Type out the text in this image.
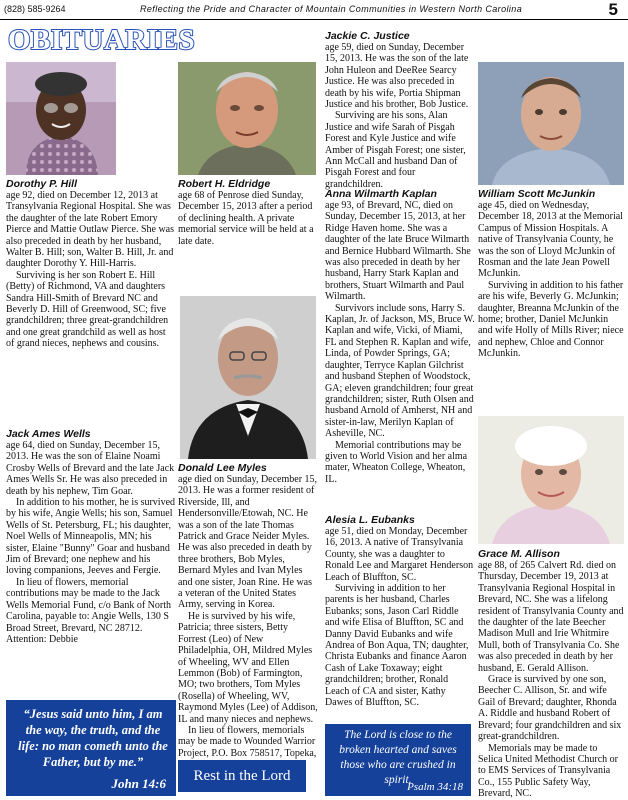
(828) 585-9264	Reflecting the Pride and Character of Mountain Communities in Western North Carolina	5
OBITUARIES
Dorothy P. Hill

age 92, died on December 12, 2013 at Transylvania Regional Hospital. She was the daughter of the late Robert Emory Pierce and Mattie Outlaw Pierce. She was also preceded in death by her husband, Walter B. Hill; son, Walter B. Hill, Jr. and daughter Dorothy Y. Hill-Harris.

Surviving is her son Robert E. Hill (Betty) of Richmond, VA and daughters Sandra Hill-Smith of Brevard NC and Beverly D. Hill of Greenwood, SC; five grandchildren; three great-grandchildren and one great grandchild as well as host of grand nieces, nephews and cousins.

Jack Ames Wells

age 64, died on Sunday, December 15, 2013. He was the son of Elaine Noami Crosby Wells of Brevard and the late Jack Ames Wells Sr. He was also preceded in death by his nephew, Tim Goar.

In addition to his mother, he is survived by his wife, Angie Wells; his son, Samuel Wells of St. Petersburg, FL; his daughter, Noel Wells of Minneapolis, MN; his sister, Elaine "Bunny" Goar and husband Jim of Brevard; one nephew and his loving companions, Jeeves and Fergie.

In lieu of flowers, memorial contributions may be made to the Jack Wells Memorial Fund, c/o Bank of North Carolina, payable to: Angie Wells, 130 S Broad Street, Brevard, NC 28712. Attention: Debbie

Robert H. Eldridge

age 68 of Penrose died Sunday, December 15, 2013 after a period of declining health. A private memorial service will be held at a late date.

Donald Lee Myles

age died on Sunday, December 15, 2013. He was a former resident of Riverside, Ill, and Hendersonville/Etowah, NC. He was a son of the late Thomas Patrick and Grace Neider Myles. He was also preceded in death by three brothers, Bob Myles, Bernard Myles and Ivan Myles and one sister, Joan Rine. He was a veteran of the United States Army, serving in Korea.

He is survived by his wife, Patricia; three sisters, Betty Forrest (Leo) of New Philadelphia, OH, Mildred Myles of Wheeling, WV and Ellen Lemmon (Bob) of Farmington, MO; two brothers, Tom Myles (Rosella) of Wheeling, WV, Raymond Myles (Lee) of Addison, IL and many nieces and nephews.

In lieu of flowers, memorials may be made to Wounded Warrior Project, P.O. Box 758517, Topeka,

Jackie C. Justice

age 59, died on Sunday, December 15, 2013. He was the son of the late John Huleon and DeeRee Searcy Justice. He was also preceded in death by his wife, Portia Shipman Justice and his brother, Bob Justice.

Surviving are his sons, Alan Justice and wife Sarah of Pisgah Forest and Kyle Justice and wife Amber of Pisgah Forest; one sister, Ann McCall and husband Dan of Pisgah Forest and four grandchildren.

Anna Wilmarth Kaplan

age 93, of Brevard, NC, died on Sunday, December 15, 2013, at her Ridge Haven home. She was a daughter of the late Bruce Wilmarth and Bernice Hubbard Wilmarth. She was also preceded in death by her husband, Harry Stark Kaplan and brothers, Stuart Wilmarth and Paul Wilmarth.

Survivors include sons, Harry S. Kaplan, Jr. of Jackson, MS, Bruce W. Kaplan and wife, Vicki, of Miami, FL and Stephen R. Kaplan and wife, Linda, of Powder Springs, GA; daughter, Terryce Kaplan Gilchrist and husband Stephen of Woodstock, GA; eleven grandchildren; four great grandchildren; sister, Ruth Olsen and husband Arnold of Amherst, NH and sister-in-law, Merilyn Kaplan of Asheville, NC.

Memorial contributions may be given to World Vision and her alma mater, Wheaton College, Wheaton, IL.

Alesia L. Eubanks

age 51, died on Monday, December 16, 2013. A native of Transylvania County, she was a daughter to Ronald Lee and Margaret Henderson Leach of Bluffton, SC.

Surviving in addition to her parents is her husband, Charles Eubanks; sons, Jason Carl Riddle and wife Elisa of Bluffton, SC and Danny David Eubanks and wife Andrea of Bon Aqua, TN; daughter, Christa Eubanks and finance Aaron Cash of Lake Toxaway; eight grandchildren; brother, Ronald Leach of CA and sister, Kathy Dawes of Bluffton, SC.

William Scott McJunkin

age 45, died on Wednesday, December 18, 2013 at the Memorial Campus of Mission Hospitals. A native of Transylvania County, he was the son of Lloyd McJunkin of Rosman and the late Jean Powell McJunkin.

Surviving in addition to his father are his wife, Beverly G. McJunkin; daughter, Breanna McJunkin of the home; brother, Daniel McJunkin and wife Holly of Mills River; niece and nephew, Chloe and Connor McJunkin.

Grace M. Allison

age 88, of 265 Calvert Rd. died on Thursday, December 19, 2013 at Transylvania Regional Hospital in Brevard, NC. She was a lifelong resident of Transylvania County and the daughter of the late Beecher Madison Mull and Irie Whitmire Mull, both of Transylvania Co. She was also preceded in death by her husband, E. Gerald Allison.

Grace is survived by one son, Beecher C. Allison, Sr. and wife Gail of Brevard; daughter, Rhonda A. Riddle and husband Robert of Brevard; four grandchildren and six great-grandchildren.

Memorials may be made to Selica United Methodist Church or to EMS Services of Transylvania Co., 155 Public Safety Way, Brevard, NC.

“Jesus said unto him, I am the way, the truth, and the life: no man cometh unto the Father, but by me.”
John 14:6	Rest in the Lord
The Lord is close to the broken hearted and saves those who are crushed in spirit.
Psalm 34:18
